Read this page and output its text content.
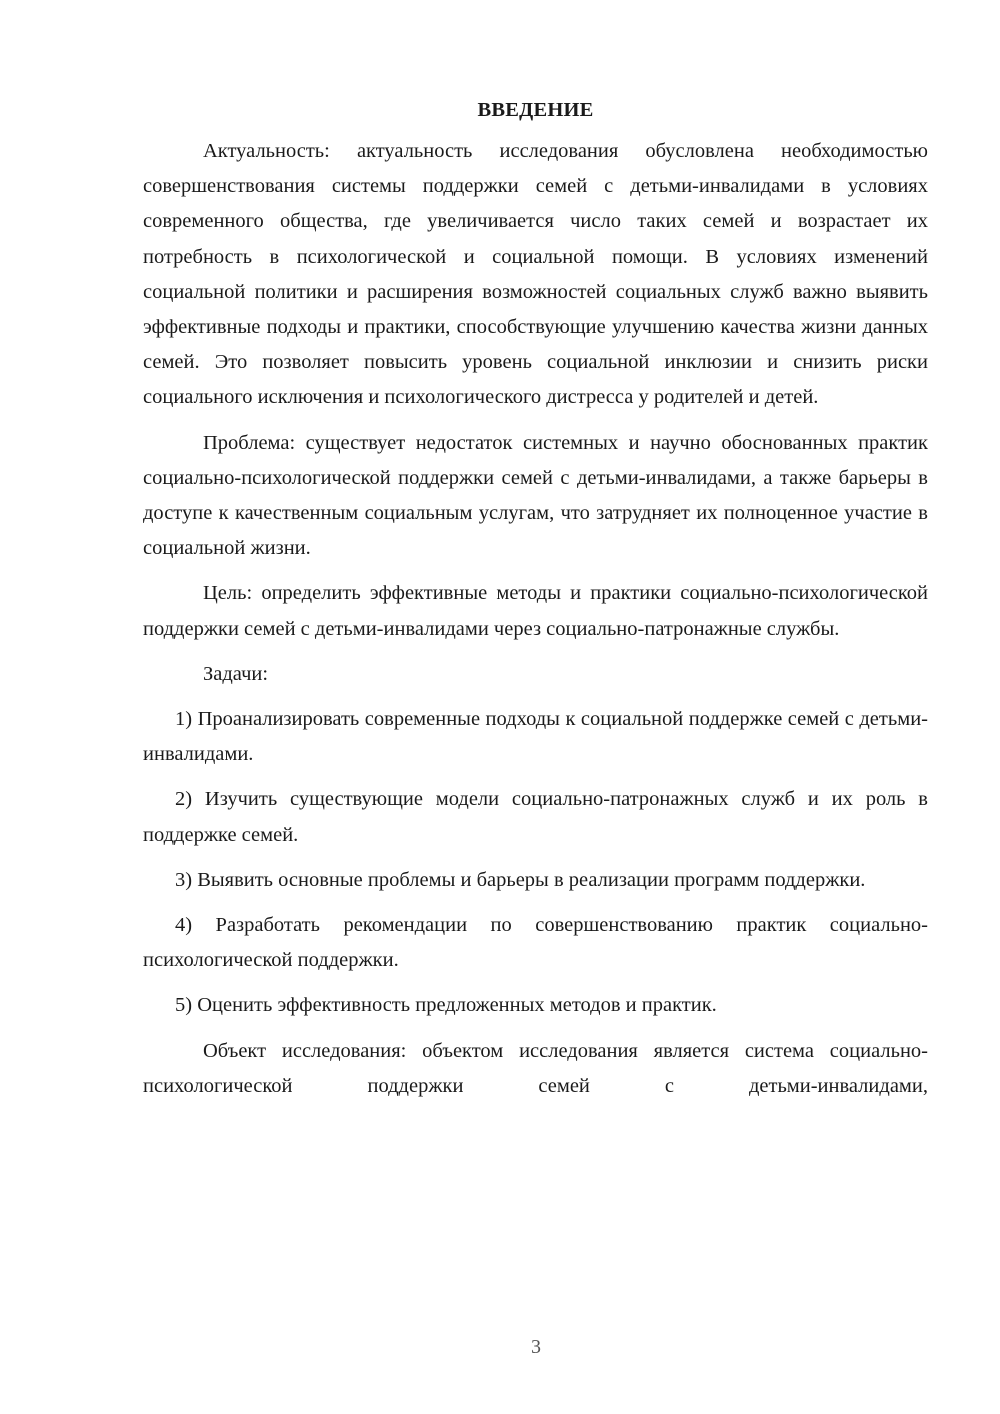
ВВЕДЕНИЕ

Актуальность: актуальность исследования обусловлена необходимостью совершенствования системы поддержки семей с детьми-инвалидами в условиях современного общества, где увеличивается число таких семей и возрастает их потребность в психологической и социальной помощи. В условиях изменений социальной политики и расширения возможностей социальных служб важно выявить эффективные подходы и практики, способствующие улучшению качества жизни данных семей. Это позволяет повысить уровень социальной инклюзии и снизить риски социального исключения и психологического дистресса у родителей и детей.

Проблема: существует недостаток системных и научно обоснованных практик социально-психологической поддержки семей с детьми-инвалидами, а также барьеры в доступе к качественным социальным услугам, что затрудняет их полноценное участие в социальной жизни.

Цель: определить эффективные методы и практики социально-психологической поддержки семей с детьми-инвалидами через социально-патронажные службы.

Задачи:

1) Проанализировать современные подходы к социальной поддержке семей с детьми-инвалидами.

2) Изучить существующие модели социально-патронажных служб и их роль в поддержке семей.

3) Выявить основные проблемы и барьеры в реализации программ поддержки.

4) Разработать рекомендации по совершенствованию практик социально-психологической поддержки.

5) Оценить эффективность предложенных методов и практик.

Объект исследования: объектом исследования является система социально-психологической поддержки семей с детьми-инвалидами,

3
